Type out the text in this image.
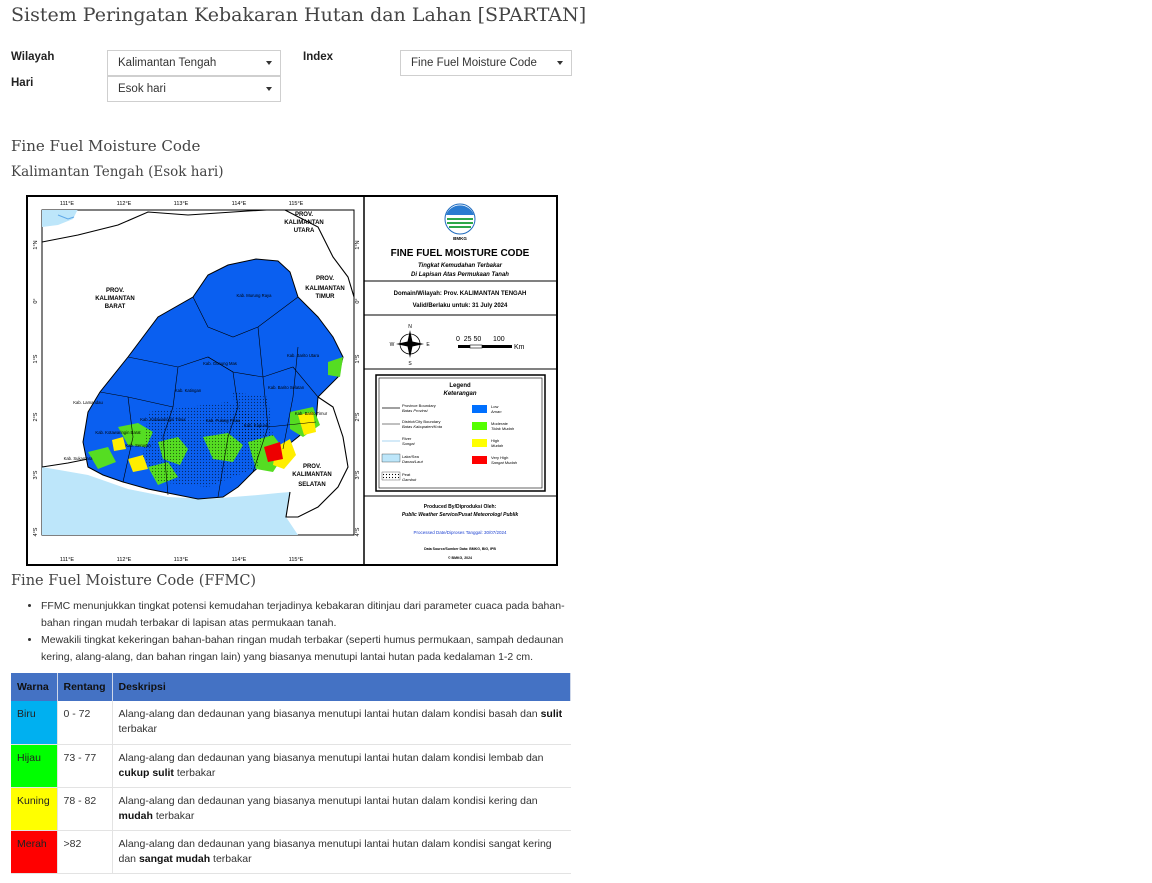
Sistem Peringatan Kebakaran Hutan dan Lahan [SPARTAN]
Wilayah	Kalimantan Tengah
Hari	Esok hari
Index	Fine Fuel Moisture Code
Fine Fuel Moisture Code
Kalimantan Tengah (Esok hari)
111°E	112°E	113°E	114°E	115°E
111°E	112°E	113°E	114°E	115°E
1°N
0°
1°S
2°S
3°S
4°S
1°N
0°
1°S
2°S
3°S
4°S
PROV.
KALIMANTAN
BARAT
PROV.
KALIMANTAN
TIMUR
PROV.
KALIMANTAN
SELATAN
PROV.
KALIMANTAN
UTARA
Kab. Murung Raya
Kab. Barito Utara
Kab. Gunung Mas
Kab. Katingan
Kab. Lamandau
Kab. Sukamara
Kab. Kotawaringin Barat
Kab. Kotawaringin Timur
Kab. Seruyan
Kab. Pulang Pisau
Kab. Kapuas
Kab. Barito Selatan
Kab. Barito Timur
BMKG
FINE FUEL MOISTURE CODE
Tingkat Kemudahan Terbakar
Di Lapisan Atas Permukaan Tanah
Domain/Wilayah: Prov. KALIMANTAN TENGAH
Valid/Berlaku untuk: 31 July 2024
N
S
E
W
0  25 50      100
Km
Legend
Keterangan
Province Boundary
Batas Provinsi
District/City Boundary
Batas Kabupaten/Kota
River
Sungai
Lake/Sea
Danau/Laut
Peat
Gambut
Low
Aman
Moderate
Tidak Mudah
High
Mudah
Very High
Sangat Mudah
Produced By/Diproduksi Oleh:
Public Weather Service/Pusat Meteorologi Publik
Processed Date/Diproses Tanggal: 30/07/2024
Data Source/Sumber Data: BMKG, BIG, IPB
© BMKG, 2024
Fine Fuel Moisture Code (FFMC)
• FFMC menunjukkan tingkat potensi kemudahan terjadinya kebakaran ditinjau dari parameter cuaca pada bahan-bahan ringan mudah terbakar di lapisan atas permukaan tanah.
• Mewakili tingkat kekeringan bahan-bahan ringan mudah terbakar (seperti humus permukaan, sampah dedaunan kering, alang-alang, dan bahan ringan lain) yang biasanya menutupi lantai hutan pada kedalaman 1-2 cm.
Warna	Rentang	Deskripsi
Biru	0 - 72	Alang-alang dan dedaunan yang biasanya menutupi lantai hutan dalam kondisi basah dan sulit terbakar
Hijau	73 - 77	Alang-alang dan dedaunan yang biasanya menutupi lantai hutan dalam kondisi lembab dan cukup sulit terbakar
Kuning	78 - 82	Alang-alang dan dedaunan yang biasanya menutupi lantai hutan dalam kondisi kering dan mudah terbakar
Merah	>82	Alang-alang dan dedaunan yang biasanya menutupi lantai hutan dalam kondisi sangat kering dan sangat mudah terbakar
